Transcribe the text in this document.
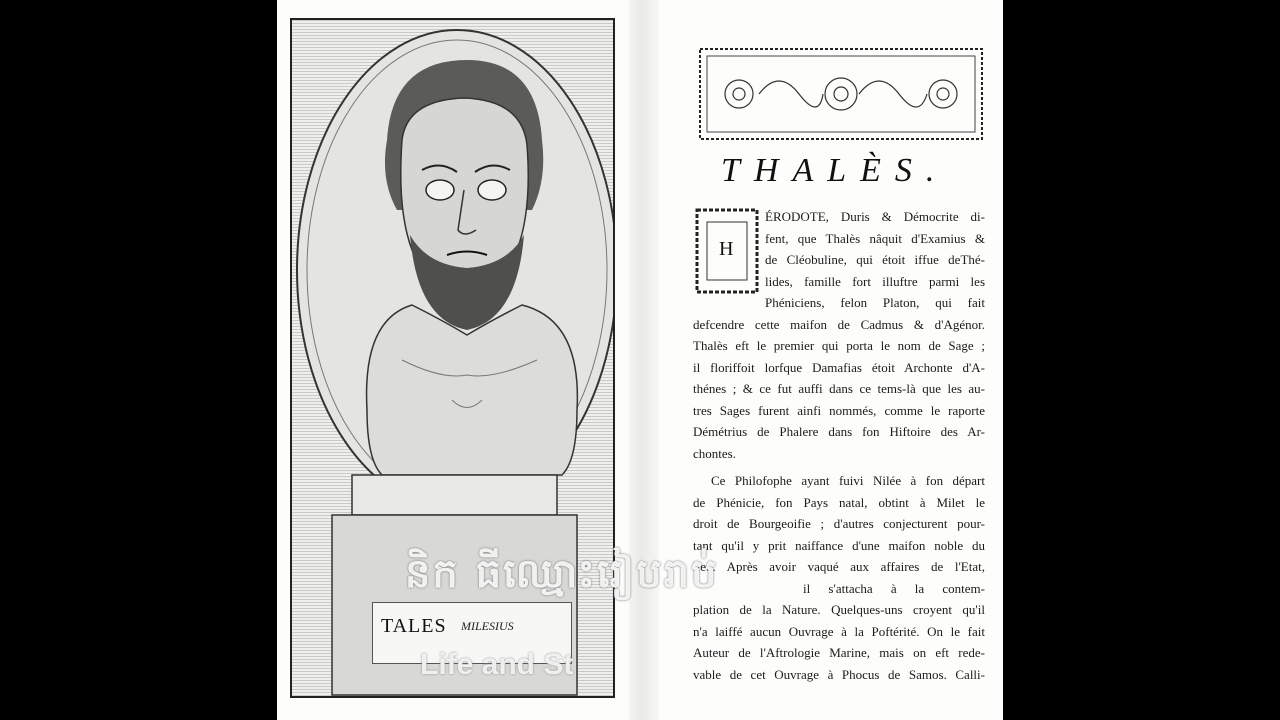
TALES MILESIUS
THALÈS.
H
ÉRODOTE, Duris & Démocrite di-
fent, que Thalès nâquit d'Examius &
de Cléobuline, qui étoit iffue deThé-
lides, famille fort illuftre parmi les
Phéniciens, felon Platon, qui fait
defcendre cette maifon de Cadmus & d'Agénor.
Thalès eft le premier qui porta le nom de Sage ;
il floriffoit lorfque Damafias étoit Archonte d'A-
thénes ; & ce fut auffi dans ce tems-là que les au-
tres Sages furent ainfi nommés, comme le raporte
Démétrius de Phalere dans fon Hiftoire des Ar-
chontes.
Ce Philofophe ayant fuivi Nilée à fon départ
de Phénicie, fon Pays natal, obtint à Milet le
droit de Bourgeoifie ; d'autres conjecturent pour-
tant qu'il y prit naiffance d'une maifon noble du
lieu. Après avoir vaqué aux affaires de l'Etat,
il s'attacha à la contem-
plation de la Nature. Quelques-uns croyent qu'il
n'a laiffé aucun Ouvrage à la Poftérité. On le fait
Auteur de l'Aftrologie Marine, mais on eft rede-
vable de cet Ouvrage à Phocus de Samos. Calli-
និក ធីឈ្មោះរៀបរាប់
Life and St
